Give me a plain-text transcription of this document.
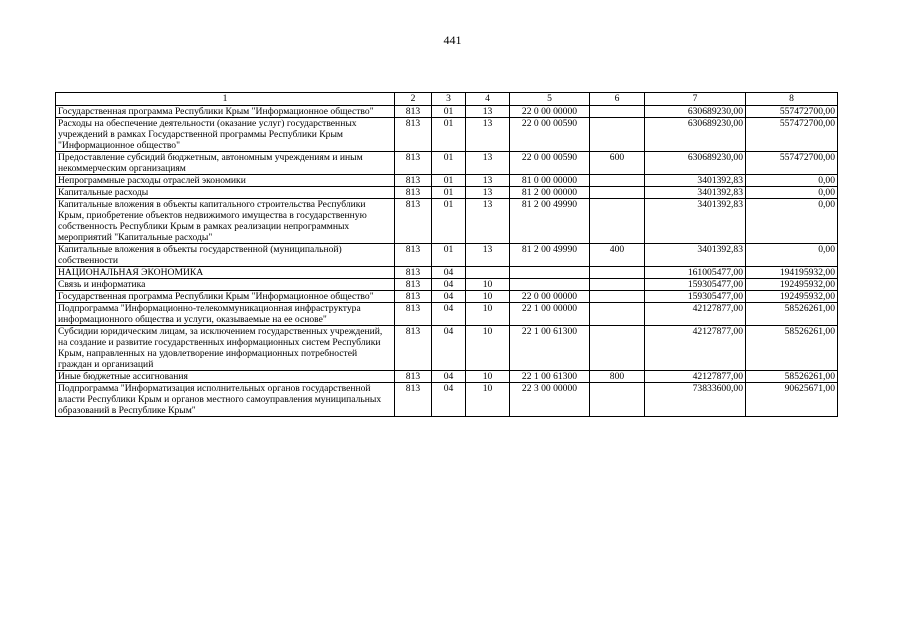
441
1	2	3	4	5	6	7	8
Государственная программа Республики Крым "Информационное общество"	813	01	13	22 0 00 00000		630689230,00	557472700,00
Расходы на обеспечение деятельности (оказание услуг) государственных учреждений в рамках Государственной программы Республики Крым "Информационное общество"	813	01	13	22 0 00 00590		630689230,00	557472700,00
Предоставление субсидий бюджетным, автономным учреждениям и иным некоммерческим организациям	813	01	13	22 0 00 00590	600	630689230,00	557472700,00
Непрограммные расходы отраслей экономики	813	01	13	81 0 00 00000		3401392,83	0,00
Капитальные расходы	813	01	13	81 2 00 00000		3401392,83	0,00
Капитальные вложения в объекты капитального строительства Республики Крым, приобретение объектов недвижимого имущества в государственную собственность Республики Крым в рамках реализации непрограммных мероприятий "Капитальные расходы"	813	01	13	81 2 00 49990		3401392,83	0,00
Капитальные вложения в объекты государственной (муниципальной) собственности	813	01	13	81 2 00 49990	400	3401392,83	0,00
НАЦИОНАЛЬНАЯ ЭКОНОМИКА	813	04				161005477,00	194195932,00
Связь и информатика	813	04	10			159305477,00	192495932,00
Государственная программа Республики Крым "Информационное общество"	813	04	10	22 0 00 00000		159305477,00	192495932,00
Подпрограмма "Информационно-телекоммуникационная инфраструктура информационного общества и услуги, оказываемые на ее основе"	813	04	10	22 1 00 00000		42127877,00	58526261,00
Субсидии юридическим лицам, за исключением государственных учреждений, на создание и развитие государственных информационных систем Республики Крым, направленных на удовлетворение информационных потребностей граждан и организаций	813	04	10	22 1 00 61300		42127877,00	58526261,00
Иные бюджетные ассигнования	813	04	10	22 1 00 61300	800	42127877,00	58526261,00
Подпрограмма "Информатизация исполнительных органов государственной власти Республики Крым и органов местного самоуправления муниципальных образований в Республике Крым"	813	04	10	22 3 00 00000		73833600,00	90625671,00
